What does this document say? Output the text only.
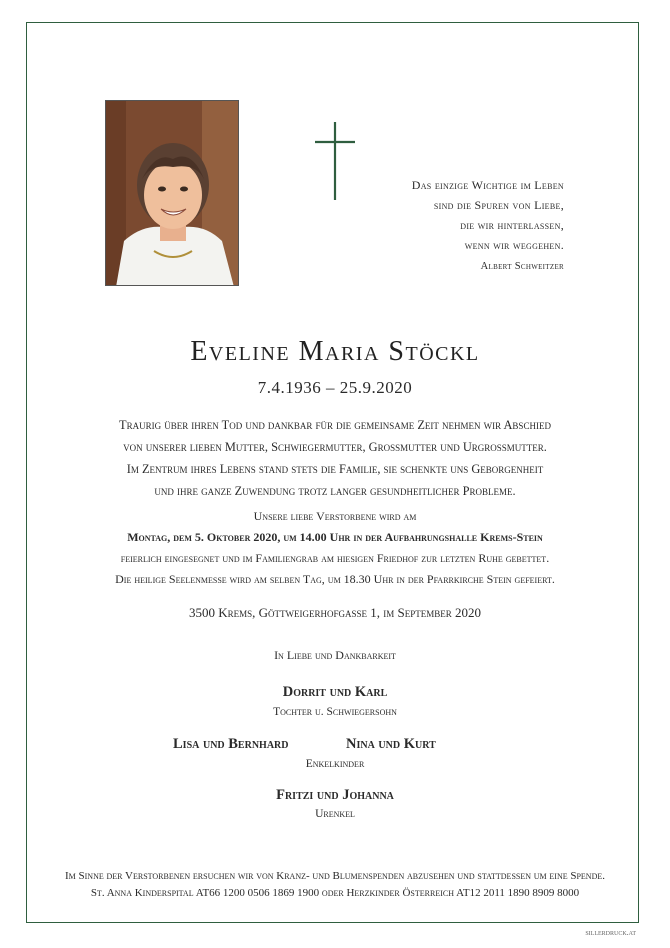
Das einzige Wichtige im Leben
sind die Spuren von Liebe,
die wir hinterlassen,
wenn wir weggehen.
Albert Schweitzer
Eveline Maria Stöckl
7.4.1936 – 25.9.2020
Traurig über ihren Tod und dankbar für die gemeinsame Zeit nehmen wir Abschied
von unserer lieben Mutter, Schwiegermutter, Grossmutter und Urgrossmutter.
Im Zentrum ihres Lebens stand stets die Familie, sie schenkte uns Geborgenheit
und ihre ganze Zuwendung trotz langer gesundheitlicher Probleme.
Unsere liebe Verstorbene wird am
Montag, dem 5. Oktober 2020, um 14.00 Uhr in der Aufbahrungshalle Krems-Stein
feierlich eingesegnet und im Familiengrab am hiesigen Friedhof zur letzten Ruhe gebettet.
Die heilige Seelenmesse wird am selben Tag, um 18.30 Uhr in der Pfarrkirche Stein gefeiert.
3500 Krems, Göttweigerhofgasse 1, im September 2020
In Liebe und Dankbarkeit
Dorrit und Karl
Tochter u. Schwiegersohn
Lisa und Bernhard	Nina und Kurt
Enkelkinder
Fritzi und Johanna
Urenkel
Im Sinne der Verstorbenen ersuchen wir von Kranz- und Blumenspenden abzusehen und stattdessen um eine Spende.
St. Anna Kinderspital AT66 1200 0506 1869 1900 oder Herzkinder Österreich AT12 2011 1890 8909 8000
sillerdruck.at
